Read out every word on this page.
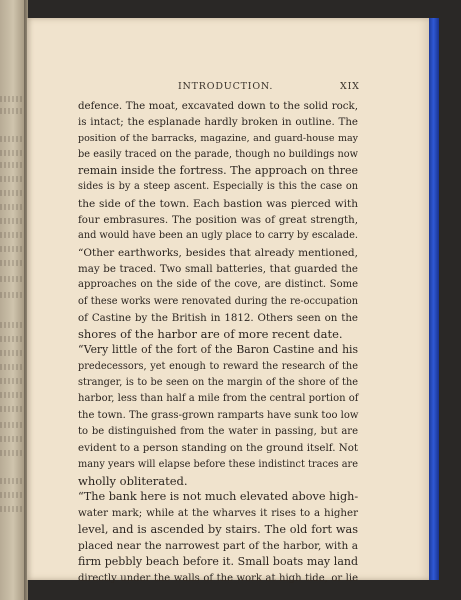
INTRODUCTION.	XIX
defence. The moat, excavated down to the solid rock,
is intact; the esplanade hardly broken in outline. The
position of the barracks, magazine, and guard-house may
be easily traced on the parade, though no buildings now
remain inside the fortress. The approach on three
sides is by a steep ascent. Especially is this the case on
the side of the town. Each bastion was pierced with
four embrasures. The position was of great strength,
and would have been an ugly place to carry by escalade.
“Other earthworks, besides that already mentioned,
may be traced. Two small batteries, that guarded the
approaches on the side of the cove, are distinct. Some
of these works were renovated during the re-occupation
of Castine by the British in 1812. Others seen on the
shores of the harbor are of more recent date.
“Very little of the fort of the Baron Castine and his
predecessors, yet enough to reward the research of the
stranger, is to be seen on the margin of the shore of the
harbor, less than half a mile from the central portion of
the town. The grass-grown ramparts have sunk too low
to be distinguished from the water in passing, but are
evident to a person standing on the ground itself. Not
many years will elapse before these indistinct traces are
wholly obliterated.
“The bank here is not much elevated above high-
water mark; while at the wharves it rises to a higher
level, and is ascended by stairs. The old fort was
placed near the narrowest part of the harbor, with a
firm pebbly beach before it. Small boats may land
directly under the walls of the work at high tide, or lie
